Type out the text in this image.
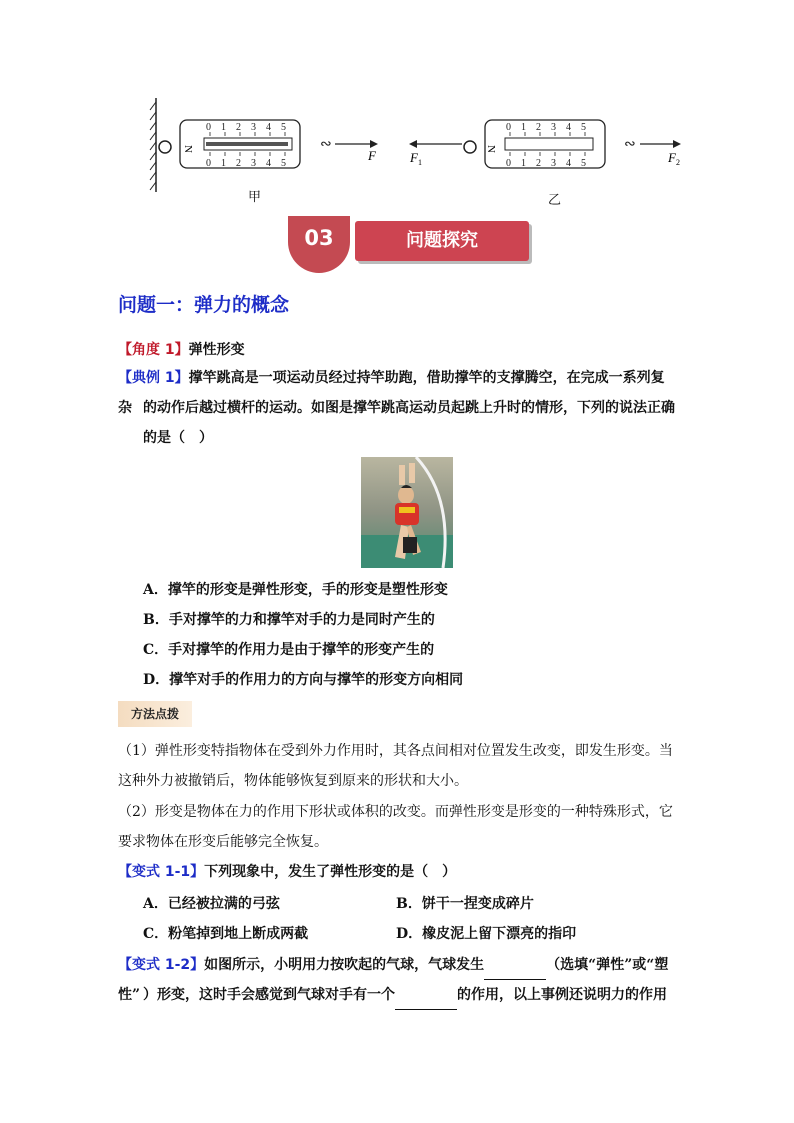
N	∾
F	N	∾
F 1	F 2
0 1 2 3 4 5
0 1 2 3 4 5
0 1 2 3 4 5
0 1 2 3 4 5
甲	乙
03	问题探究
问题一：弹力的概念
【角度 1】弹性形变
【典例 1】撑竿跳高是一项运动员经过持竿助跑，借助撑竿的支撑腾空，在完成一系列复杂 的动作后越过横杆的运动。如图是撑竿跳高运动员起跳上升时的情形，下列的说法正确
的是（　）
A．撑竿的形变是弹性形变，手的形变是塑性形变
B．手对撑竿的力和撑竿对手的力是同时产生的
C．手对撑竿的作用力是由于撑竿的形变产生的
D．撑竿对手的作用力的方向与撑竿的形变方向相同
方法点拨
（1）弹性形变特指物体在受到外力作用时，其各点间相对位置发生改变，即发生形变。当
这种外力被撤销后，物体能够恢复到原来的形状和大小。
（2）形变是物体在力的作用下形状或体积的改变。而弹性形变是形变的一种特殊形式，它
要求物体在形变后能够完全恢复。
【变式 1-1】下列现象中，发生了弹性形变的是（　）
A．已经被拉满的弓弦	B．饼干一捏变成碎片
C．粉笔掉到地上断成两截	D．橡皮泥上留下漂亮的指印
【变式 1-2】如图所示，小明用力按吹起的气球，气球发生	（选填“弹性”或“塑性” ）形变，这时手会感觉到气球对手有一个	的作用，以上事例还说明力的作用
